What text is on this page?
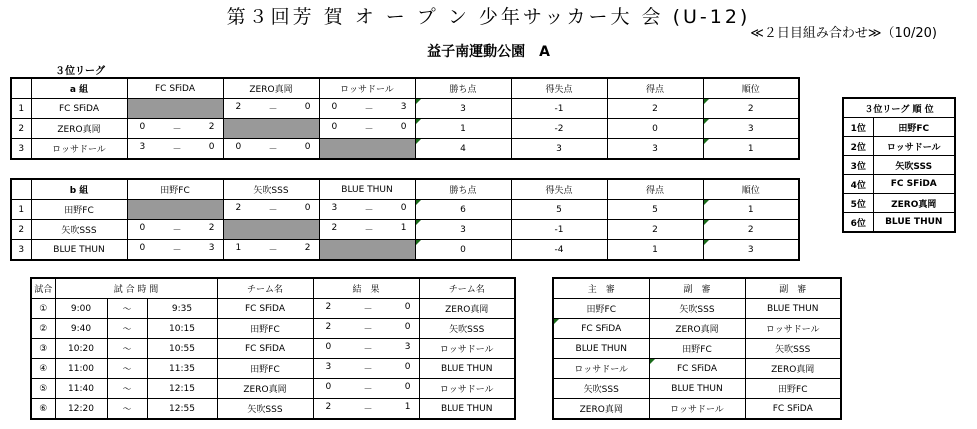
第３回芳 賀 オ ー プ ン 少年サッカー大 会 (U-12)
≪２日目組み合わせ≫（10/20)
益子南運動公園　A
３位リーグ
	a 組	FC SFiDA	ZERO真岡	ロッサドール	勝ち点	得失点	得点	順位
1	FC SFiDA		2 － 0	0 － 3	3	-1	2	2
2	ZERO真岡	0 － 2		0 － 0	1	-2	0	3
3	ロッサドール	3 － 0	0 － 0		4	3	3	1
	b 組	田野FC	矢吹SSS	BLUE THUN	勝ち点	得失点	得点	順位
1	田野FC		2 － 0	3 － 0	6	5	5	1
2	矢吹SSS	0 － 2		2 － 1	3	-1	2	2
3	BLUE THUN	0 － 3	1 － 2		0	-4	1	3
３位リーグ 順 位	
1位	田野FC
2位	ロッサドール
3位	矢吹SSS
4位	FC SFiDA
5位	ZERO真岡
6位	BLUE THUN
試合	試 合 時 間			チーム名	結　果	チーム名
①	9:00	～	9:35	FC SFiDA	2 － 0	ZERO真岡
②	9:40	～	10:15	田野FC	2 － 0	矢吹SSS
③	10:20	～	10:55	FC SFiDA	0 － 3	ロッサドール
④	11:00	～	11:35	田野FC	3 － 0	BLUE THUN
⑤	11:40	～	12:15	ZERO真岡	0 － 0	ロッサドール
⑥	12:20	～	12:55	矢吹SSS	2 － 1	BLUE THUN
主　審	副　審	副　審
田野FC	矢吹SSS	BLUE THUN
FC SFiDA	ZERO真岡	ロッサドール
BLUE THUN	田野FC	矢吹SSS
ロッサドール	FC SFiDA	ZERO真岡
矢吹SSS	BLUE THUN	田野FC
ZERO真岡	ロッサドール	FC SFiDA
